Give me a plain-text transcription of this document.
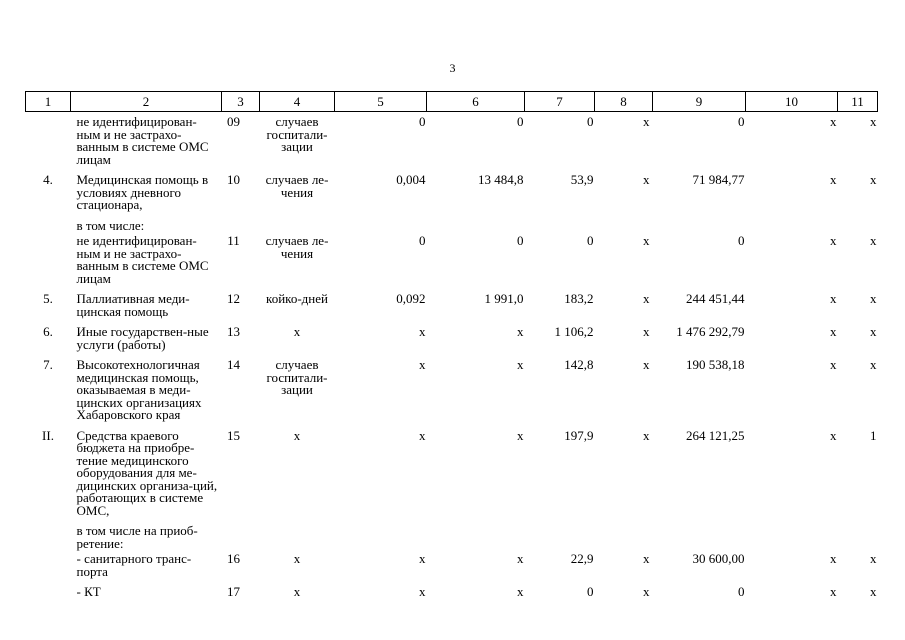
3
1	2	3	4	5	6	7	8	9	10	11
	не идентифицирован-ным и не застрахо-ванным в системе ОМС лицам	09	случаев госпитали-зации	0	0	0	х	0	х	х
4.	Медицинская помощь в условиях дневного стационара,	10	случаев ле-чения	0,004	13 484,8	53,9	х	71 984,77	х	х
	в том числе:									
	не идентифицирован-ным и не застрахо-ванным в системе ОМС лицам	11	случаев ле-чения	0	0	0	х	0	х	х
5.	Паллиативная меди-цинская помощь	12	койко-дней	0,092	1 991,0	183,2	х	244 451,44	х	х
6.	Иные государствен-ные услуги (работы)	13	х	х	х	1 106,2	х	1 476 292,79	х	х
7.	Высокотехнологичная медицинская помощь, оказываемая в меди-цинских организациях Хабаровского края	14	случаев госпитали-зации	х	х	142,8	х	190 538,18	х	х
II.	Средства краевого бюджета на приобре-тение медицинского оборудования для ме-дицинских организа-ций, работающих в системе ОМС,	15	х	х	х	197,9	х	264 121,25	х	1
	в том числе на приоб-ретение:									
	- санитарного транс-порта	16	х	х	х	22,9	х	30 600,00	х	х
	- КТ	17	х	х	х	0	х	0	х	х
